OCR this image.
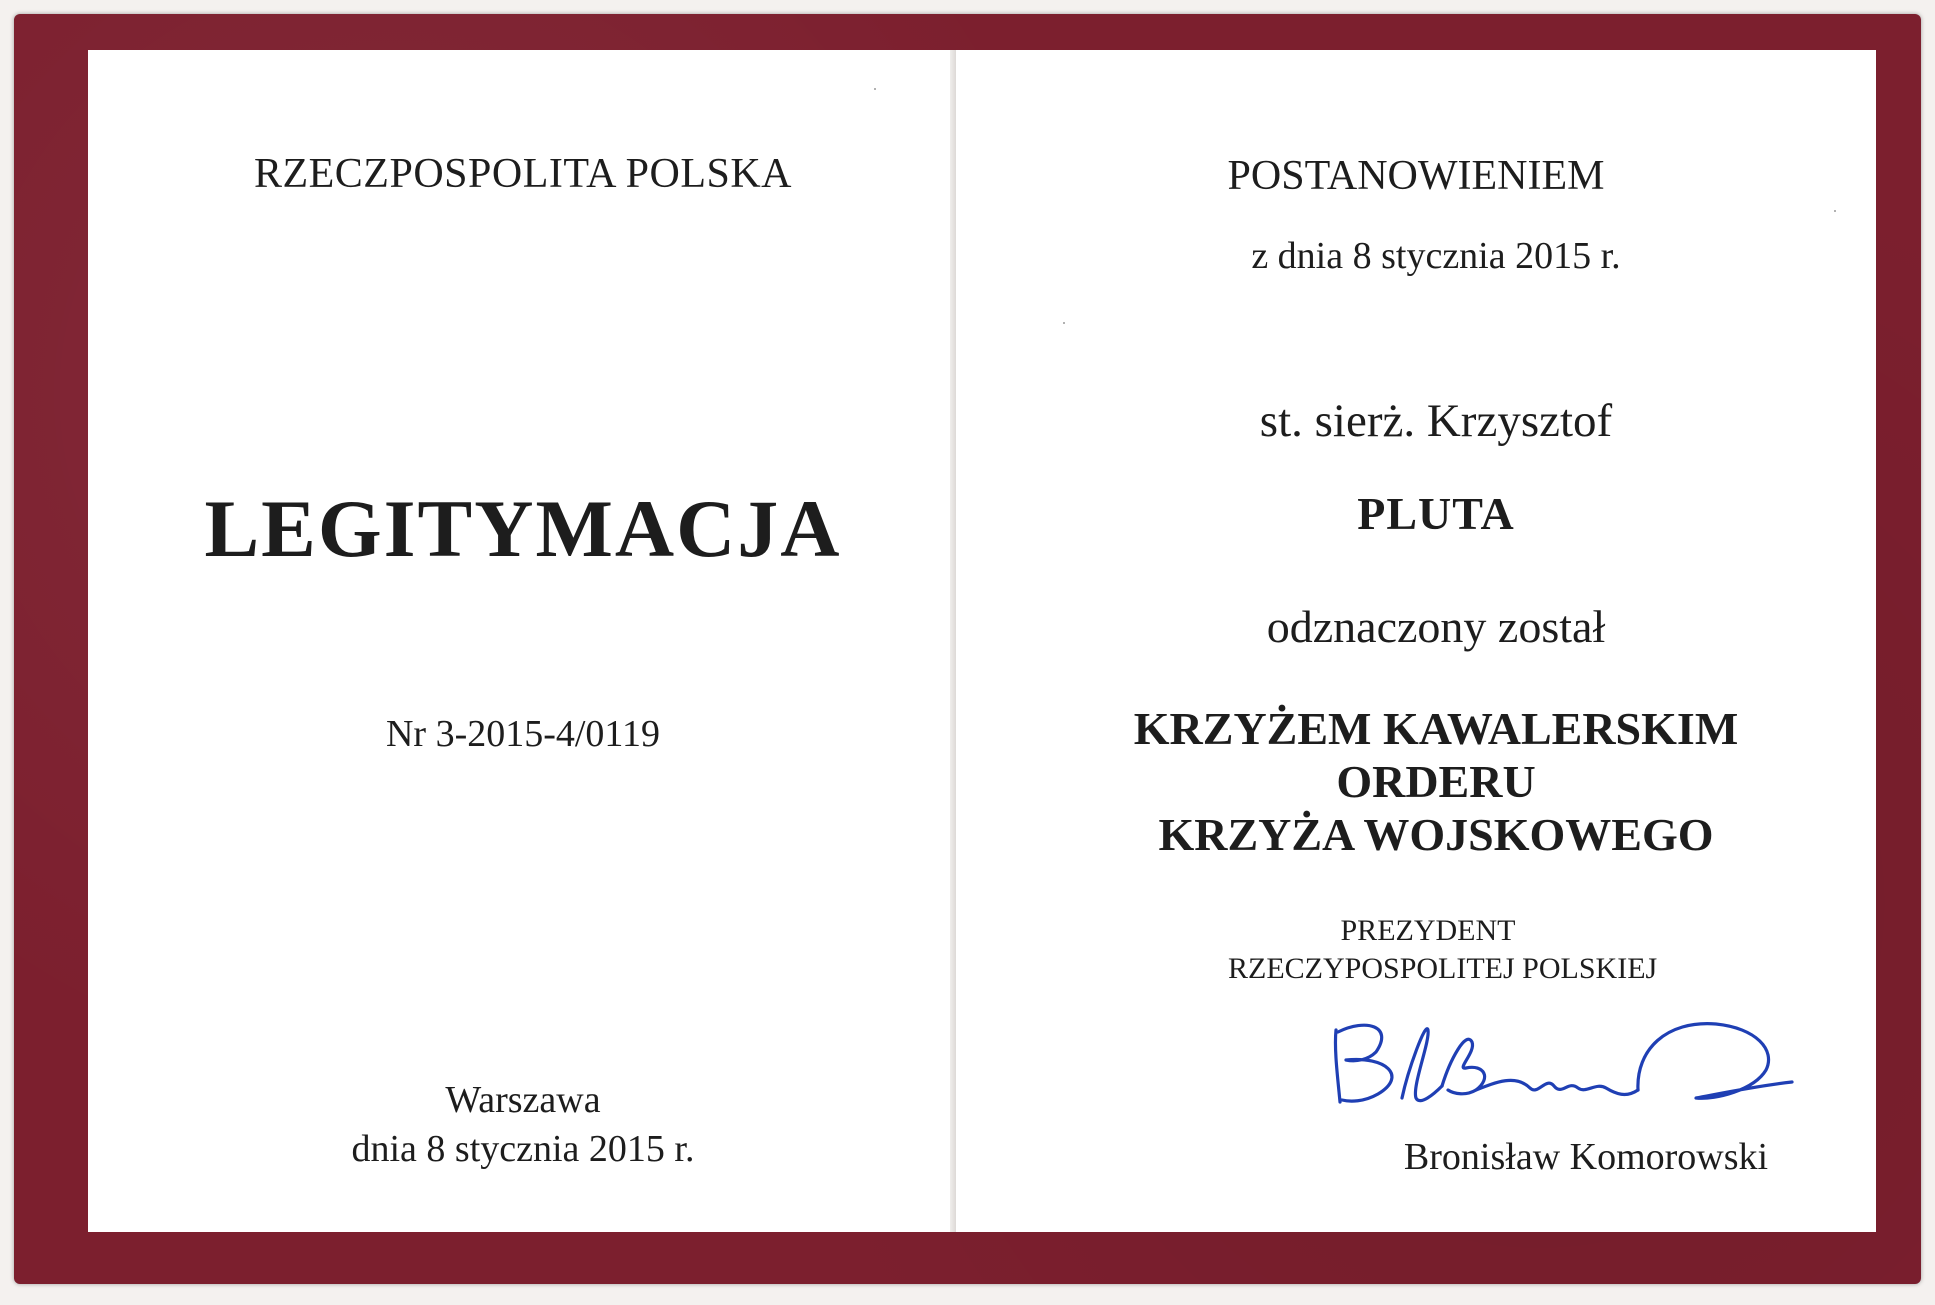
RZECZPOSPOLITA POLSKA
LEGITYMACJA
Nr 3-2015-4/0119
Warszawa
dnia 8 stycznia 2015 r.
POSTANOWIENIEM
z dnia 8 stycznia 2015 r.
st. sierż. Krzysztof
PLUTA
odznaczony został
KRZYŻEM KAWALERSKIM
ORDERU
KRZYŻA WOJSKOWEGO
PREZYDENT
RZECZYPOSPOLITEJ POLSKIEJ
Bronisław Komorowski
